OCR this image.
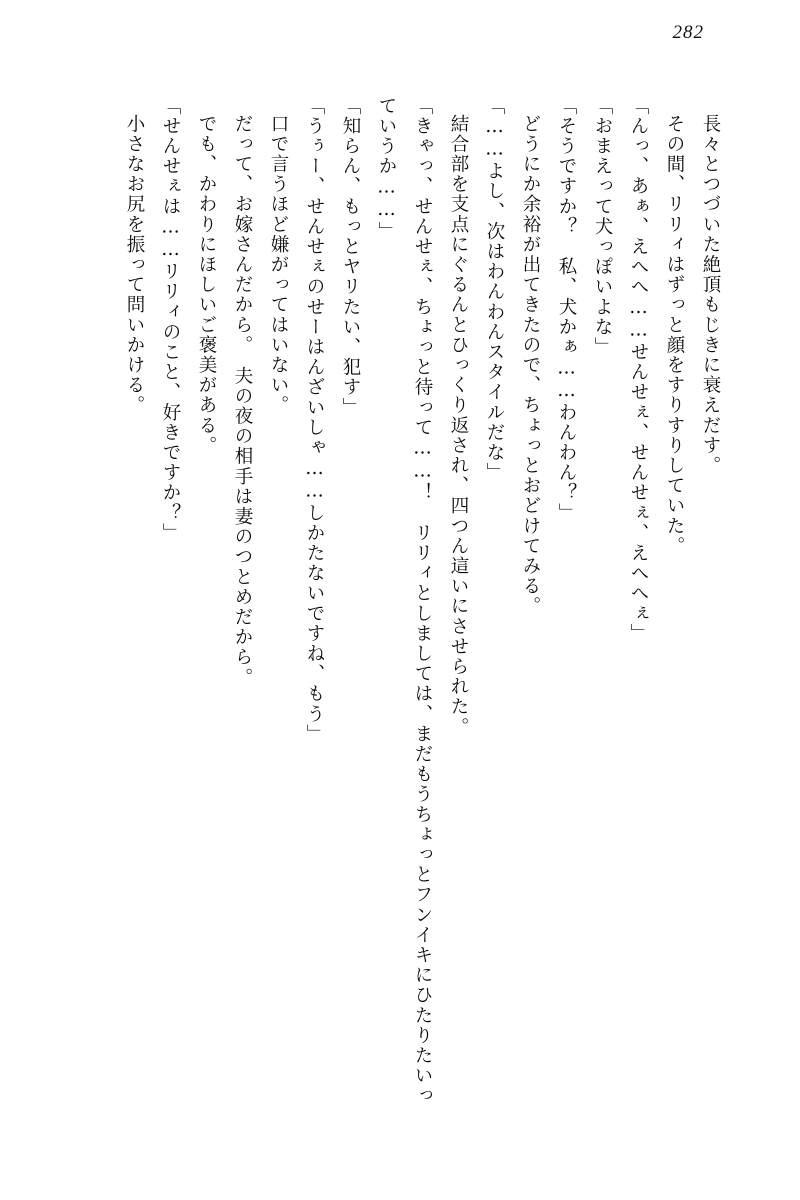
282

長々とつづいた絶頂もじきに衰えだす。

その間、リリィはずっと顔をすりすりしていた。

「んっ、あぁ、えへへ……せんせぇ、せんせぇ、えへへぇ」

「おまえって犬っぽいよな」

「そうですか？　私、犬かぁ……わんわん？」

どうにか余裕が出てきたので、ちょっとおどけてみる。

「……よし、次はわんわんスタイルだな」

結合部を支点にぐるんとひっくり返され、四つん這いにさせられた。

「きゃっ、せんせぇ、ちょっと待って……！　リリィとしましては、まだもうちょっとフンイキにひたりたいっていうか……」

「知らん、もっとヤリたい、犯す」

「うぅー、せんせぇのせーはんざいしゃ……しかたないですね、もう」

口で言うほど嫌がってはいない。

だって、お嫁さんだから。　夫の夜の相手は妻のつとめだから。

でも、かわりにほしいご褒美がある。

「せんせぇは……リリィのこと、好きですか？」

小さなお尻を振って問いかける。
